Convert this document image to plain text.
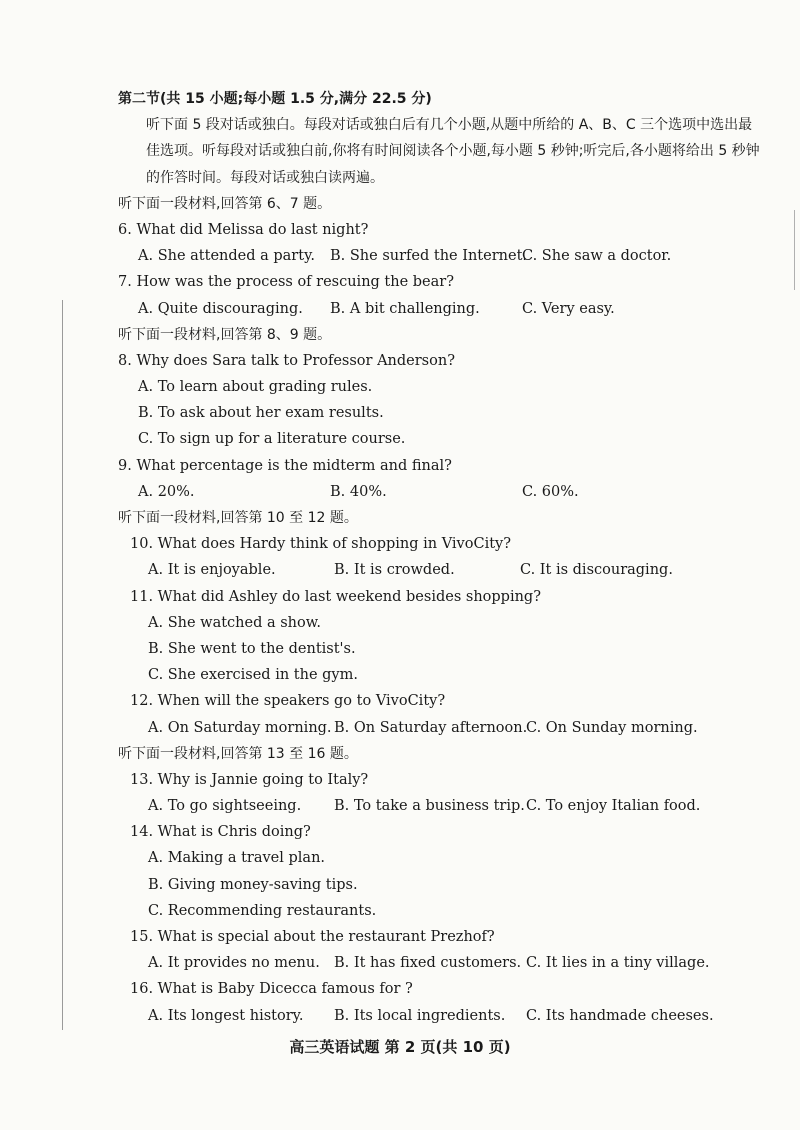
第二节(共 15 小题;每小题 1.5 分,满分 22.5 分)
听下面 5 段对话或独白。每段对话或独白后有几个小题,从题中所给的 A、B、C 三个选项中选出最佳选项。听每段对话或独白前,你将有时间阅读各个小题,每小题 5 秒钟;听完后,各小题将给出 5 秒钟的作答时间。每段对话或独白读两遍。
听下面一段材料,回答第 6、7 题。
6. What did Melissa do last night?
A. She attended a party.	B. She surfed the Internet.
C. She saw a doctor.
7. How was the process of rescuing the bear?
A. Quite discouraging.	B. A bit challenging.	C. Very easy.
听下面一段材料,回答第 8、9 题。
8. Why does Sara talk to Professor Anderson?
A. To learn about grading rules.
B. To ask about her exam results.
C. To sign up for a literature course.
9. What percentage is the midterm and final?
A. 20%.	B. 40%.	C. 60%.
听下面一段材料,回答第 10 至 12 题。
10. What does Hardy think of shopping in VivoCity?
A. It is enjoyable.	B. It is crowded.	C. It is discouraging.
11. What did Ashley do last weekend besides shopping?
A. She watched a show.
B. She went to the dentist's.
C. She exercised in the gym.
12. When will the speakers go to VivoCity?
A. On Saturday morning. B. On Saturday afternoon.
C. On Sunday morning.
听下面一段材料,回答第 13 至 16 题。
13. Why is Jannie going to Italy?
A. To go sightseeing.	B. To take a business trip. C. To enjoy Italian food.
14. What is Chris doing?
A. Making a travel plan.
B. Giving money-saving tips.
C. Recommending restaurants.
15. What is special about the restaurant Prezhof?
A. It provides no menu. B. It has fixed customers. C. It lies in a tiny village.
16. What is Baby Dicecca famous for ?
A. Its longest history.	B. Its local ingredients.	C. Its handmade cheeses.
高三英语试题 第 2 页(共 10 页)
